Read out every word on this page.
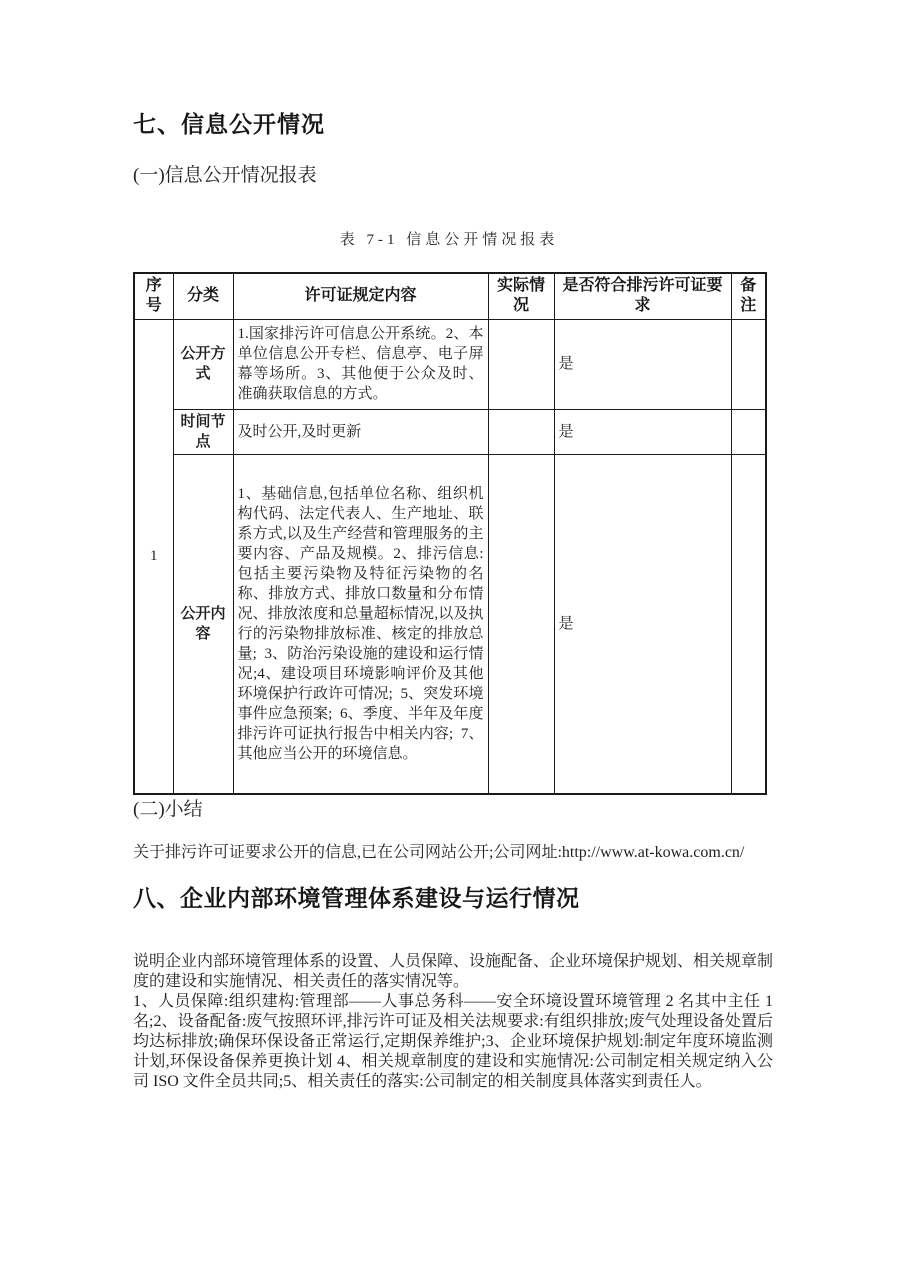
七、信息公开情况
(一)信息公开情况报表
表 7-1 信息公开情况报表
序号	分类	许可证规定内容	实际情况	是否符合排污许可证要求	备注
1	公开方式	1.国家排污许可信息公开系统。2、本单位信息公开专栏、信息亭、电子屏幕等场所。3、其他便于公众及时、准确获取信息的方式。		是	
	时间节点	及时公开,及时更新		是	
	公开内容	1、基础信息,包括单位名称、组织机构代码、法定代表人、生产地址、联系方式,以及生产经营和管理服务的主要内容、产品及规模。2、排污信息:包括主要污染物及特征污染物的名称、排放方式、排放口数量和分布情况、排放浓度和总量超标情况,以及执行的污染物排放标准、核定的排放总量;  3、防治污染设施的建设和运行情况;4、建设项目环境影响评价及其他环境保护行政许可情况;  5、突发环境事件应急预案;  6、季度、半年及年度排污许可证执行报告中相关内容;  7、其他应当公开的环境信息。		是	
(二)小结
关于排污许可证要求公开的信息,已在公司网站公开;公司网址:http://www.at-kowa.com.cn/
八、企业内部环境管理体系建设与运行情况
说明企业内部环境管理体系的设置、人员保障、设施配备、企业环境保护规划、相关规章制度的建设和实施情况、相关责任的落实情况等。
1、人员保障:组织建构:管理部——人事总务科——安全环境设置环境管理 2 名其中主任 1 名;2、设备配备:废气按照环评,排污许可证及相关法规要求:有组织排放;废气处理设备处置后均达标排放;确保环保设备正常运行,定期保养维护;3、企业环境保护规划:制定年度环境监测计划,环保设备保养更换计划 4、相关规章制度的建设和实施情况:公司制定相关规定纳入公司 ISO 文件全员共同;5、相关责任的落实:公司制定的相关制度具体落实到责任人。
